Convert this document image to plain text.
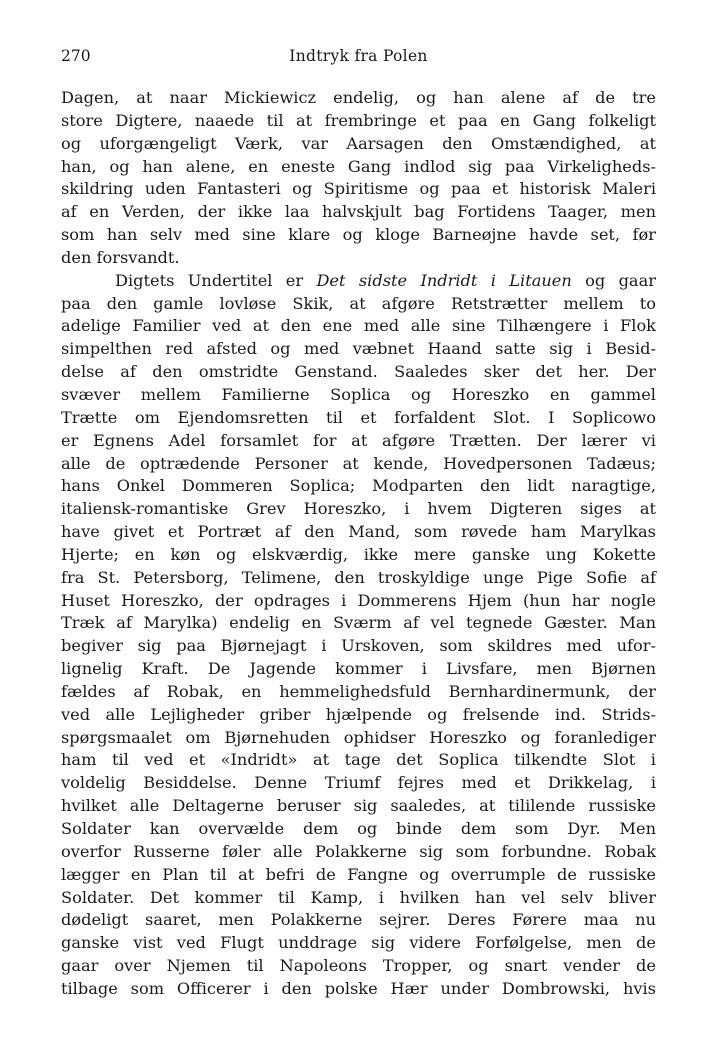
270	Indtryk fra Polen
Dagen, at naar Mickiewicz endelig, og han alene af de tre
store Digtere, naaede til at frembringe et paa en Gang folkeligt
og uforgængeligt Værk, var Aarsagen den Omstændighed, at
han, og han alene, en eneste Gang indlod sig paa Virkeligheds-
skildring uden Fantasteri og Spiritisme og paa et historisk Maleri
af en Verden, der ikke laa halvskjult bag Fortidens Taager, men
som han selv med sine klare og kloge Barneøjne havde set, før
den forsvandt.
Digtets Undertitel er Det sidste Indridt i Litauen og gaar
paa den gamle lovløse Skik, at afgøre Retstrætter mellem to
adelige Familier ved at den ene med alle sine Tilhængere i Flok
simpelthen red afsted og med væbnet Haand satte sig i Besid-
delse af den omstridte Genstand. Saaledes sker det her. Der
svæver mellem Familierne Soplica og Horeszko en gammel
Trætte om Ejendomsretten til et forfaldent Slot. I Soplicowo
er Egnens Adel forsamlet for at afgøre Trætten. Der lærer vi
alle de optrædende Personer at kende, Hovedpersonen Tadæus;
hans Onkel Dommeren Soplica; Modparten den lidt naragtige,
italiensk-romantiske Grev Horeszko, i hvem Digteren siges at
have givet et Portræt af den Mand, som røvede ham Marylkas
Hjerte; en køn og elskværdig, ikke mere ganske ung Kokette
fra St. Petersborg, Telimene, den troskyldige unge Pige Sofie af
Huset Horeszko, der opdrages i Dommerens Hjem (hun har nogle
Træk af Marylka) endelig en Sværm af vel tegnede Gæster. Man
begiver sig paa Bjørnejagt i Urskoven, som skildres med ufor-
lignelig Kraft. De Jagende kommer i Livsfare, men Bjørnen
fældes af Robak, en hemmelighedsfuld Bernhardinermunk, der
ved alle Lejligheder griber hjælpende og frelsende ind. Strids-
spørgsmaalet om Bjørnehuden ophidser Horeszko og foranlediger
ham til ved et «Indridt» at tage det Soplica tilkendte Slot i
voldelig Besiddelse. Denne Triumf fejres med et Drikkelag, i
hvilket alle Deltagerne beruser sig saaledes, at tililende russiske
Soldater kan overvælde dem og binde dem som Dyr. Men
overfor Russerne føler alle Polakkerne sig som forbundne. Robak
lægger en Plan til at befri de Fangne og overrumple de russiske
Soldater. Det kommer til Kamp, i hvilken han vel selv bliver
dødeligt saaret, men Polakkerne sejrer. Deres Førere maa nu
ganske vist ved Flugt unddrage sig videre Forfølgelse, men de
gaar over Njemen til Napoleons Tropper, og snart vender de
tilbage som Officerer i den polske Hær under Dombrowski, hvis
